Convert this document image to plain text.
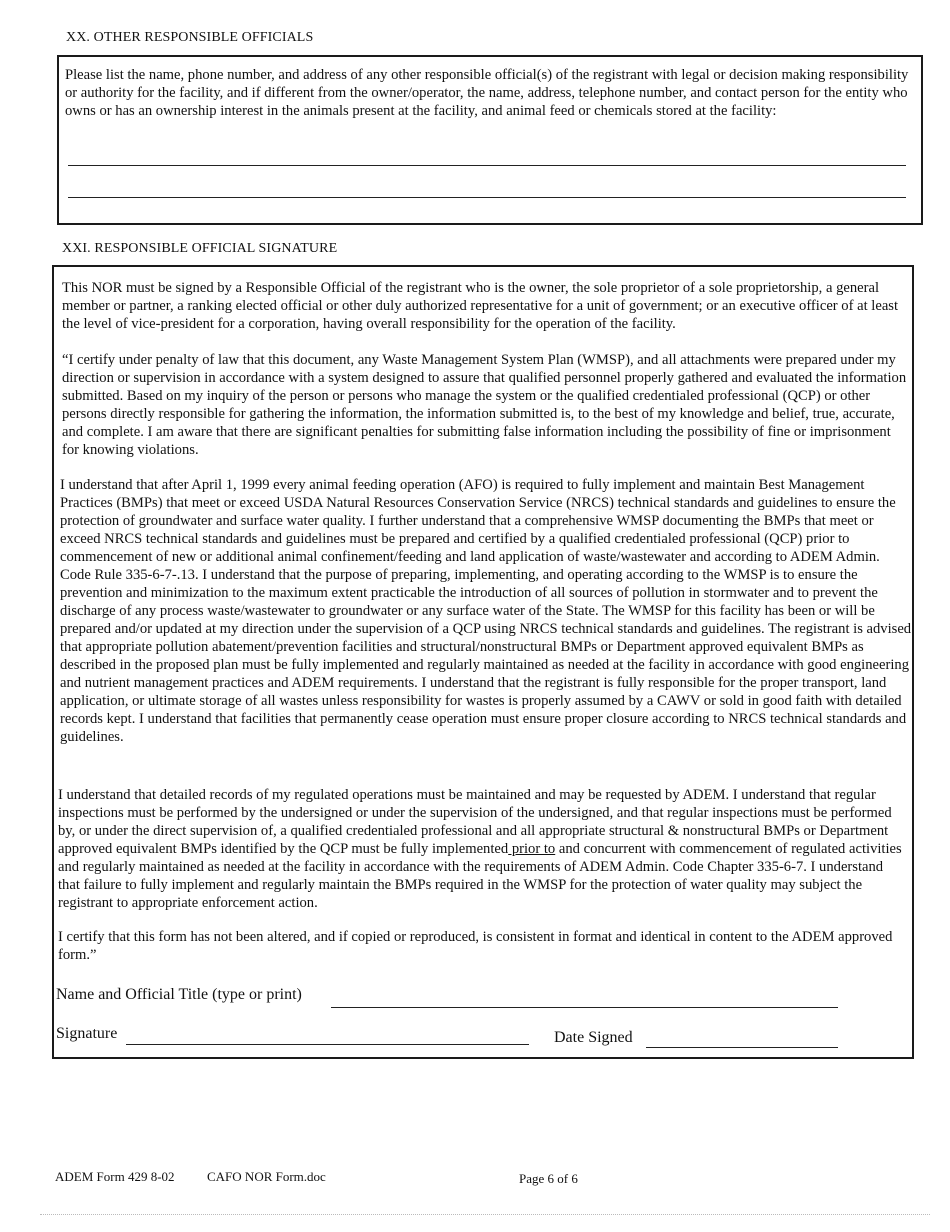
XX. OTHER RESPONSIBLE OFFICIALS

Please list the name, phone number, and address of any other responsible official(s) of the registrant with legal or decision making responsibility or authority for the facility, and if different from the owner/operator, the name, address, telephone number, and contact person for the entity who owns or has an ownership interest in the animals present at the facility, and animal feed or chemicals stored at the facility:

XXI. RESPONSIBLE OFFICIAL SIGNATURE

This NOR must be signed by a Responsible Official of the registrant who is the owner, the sole proprietor of a sole proprietorship, a general member or partner, a ranking elected official or other duly authorized representative for a unit of government; or an executive officer of at least the level of vice-president for a corporation, having overall responsibility for the operation of the facility.

“I certify under penalty of law that this document, any Waste Management System Plan (WMSP), and all attachments were prepared under my direction or supervision in accordance with a system designed to assure that qualified personnel properly gathered and evaluated the information submitted. Based on my inquiry of the person or persons who manage the system or the qualified credentialed professional (QCP) or other persons directly responsible for gathering the information, the information submitted is, to the best of my knowledge and belief, true, accurate, and complete. I am aware that there are significant penalties for submitting false information including the possibility of fine or imprisonment for knowing violations.

I understand that after April 1, 1999 every animal feeding operation (AFO) is required to fully implement and maintain Best Management Practices (BMPs) that meet or exceed USDA Natural Resources Conservation Service (NRCS) technical standards and guidelines to ensure the protection of groundwater and surface water quality. I further understand that a comprehensive WMSP documenting the BMPs that meet or exceed NRCS technical standards and guidelines must be prepared and certified by a qualified credentialed professional (QCP) prior to commencement of new or additional animal confinement/feeding and land application of waste/wastewater and according to ADEM Admin. Code Rule 335-6-7-.13. I understand that the purpose of preparing, implementing, and operating according to the WMSP is to ensure the prevention and minimization to the maximum extent practicable the introduction of all sources of pollution in stormwater and to prevent the discharge of any process waste/wastewater to groundwater or any surface water of the State. The WMSP for this facility has been or will be prepared and/or updated at my direction under the supervision of a QCP using NRCS technical standards and guidelines. The registrant is advised that appropriate pollution abatement/prevention facilities and structural/nonstructural BMPs or Department approved equivalent BMPs as described in the proposed plan must be fully implemented and regularly maintained as needed at the facility in accordance with good engineering and nutrient management practices and ADEM requirements. I understand that the registrant is fully responsible for the proper transport, land application, or ultimate storage of all wastes unless responsibility for wastes is properly assumed by a CAWV or sold in good faith with detailed records kept. I understand that facilities that permanently cease operation must ensure proper closure according to NRCS technical standards and guidelines.

I understand that detailed records of my regulated operations must be maintained and may be requested by ADEM. I understand that regular inspections must be performed by the undersigned or under the supervision of the undersigned, and that regular inspections must be performed by, or under the direct supervision of, a qualified credentialed professional and all appropriate structural & nonstructural BMPs or Department approved equivalent BMPs identified by the QCP must be fully implemented prior to and concurrent with commencement of regulated activities and regularly maintained as needed at the facility in accordance with the requirements of ADEM Admin. Code Chapter 335-6-7. I understand that failure to fully implement and regularly maintain the BMPs required in the WMSP for the protection of water quality may subject the registrant to appropriate enforcement action.

I certify that this form has not been altered, and if copied or reproduced, is consistent in format and identical in content to the ADEM approved form.”

Name and Official Title (type or print)
Signature	Date Signed
ADEM Form 429 8-02 CAFO NOR Form.doc	Page 6 of 6
